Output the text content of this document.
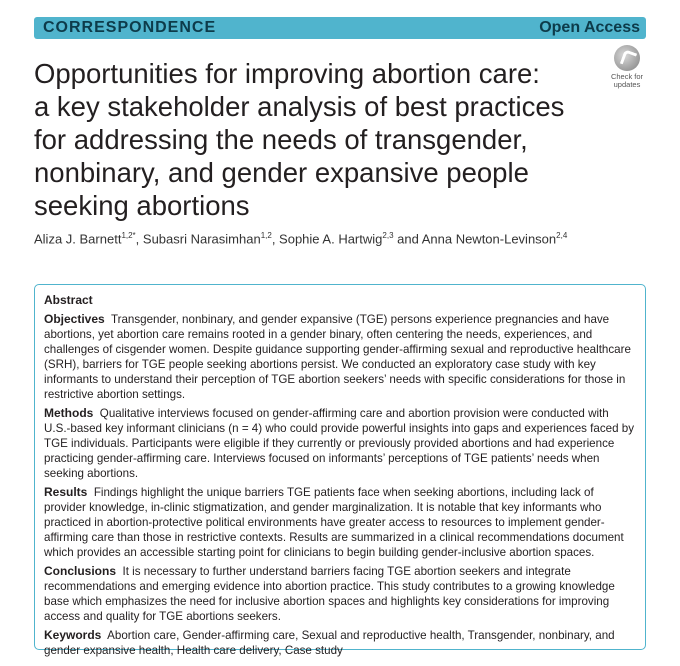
CORRESPONDENCE	Open Access
Check for
updates
Opportunities for improving abortion care:
a key stakeholder analysis of best practices
for addressing the needs of transgender,
nonbinary, and gender expansive people
seeking abortions
Aliza J. Barnett$^{1,2*}$, Subasri Narasimhan$^{1,2}$, Sophie A. Hartwig$^{2,3}$ and Anna Newton-Levinson$^{2,4}$
Abstract

Objectives Transgender, nonbinary, and gender expansive (TGE) persons experience pregnancies and have abortions, yet abortion care remains rooted in a gender binary, often centering the needs, experiences, and challenges of cisgender women. Despite guidance supporting gender-affirming sexual and reproductive healthcare (SRH), barriers for TGE people seeking abortions persist. We conducted an exploratory case study with key informants to understand their perception of TGE abortion seekers’ needs with specific considerations for those in restrictive abortion settings.

Methods Qualitative interviews focused on gender-affirming care and abortion provision were conducted with U.S.-based key informant clinicians (n = 4) who could provide powerful insights into gaps and experiences faced by TGE individuals. Participants were eligible if they currently or previously provided abortions and had experience practicing gender-affirming care. Interviews focused on informants’ perceptions of TGE patients’ needs when seeking abortions.

Results Findings highlight the unique barriers TGE patients face when seeking abortions, including lack of provider knowledge, in-clinic stigmatization, and gender marginalization. It is notable that key informants who practiced in abortion-protective political environments have greater access to resources to implement gender-affirming care than those in restrictive contexts. Results are summarized in a clinical recommendations document which provides an accessible starting point for clinicians to begin building gender-inclusive abortion spaces.

Conclusions It is necessary to further understand barriers facing TGE abortion seekers and integrate recommendations and emerging evidence into abortion practice. This study contributes to a growing knowledge base which emphasizes the need for inclusive abortion spaces and highlights key considerations for improving access and quality for TGE abortions seekers.

Keywords Abortion care, Gender-affirming care, Sexual and reproductive health, Transgender, nonbinary, and gender expansive health, Health care delivery, Case study
